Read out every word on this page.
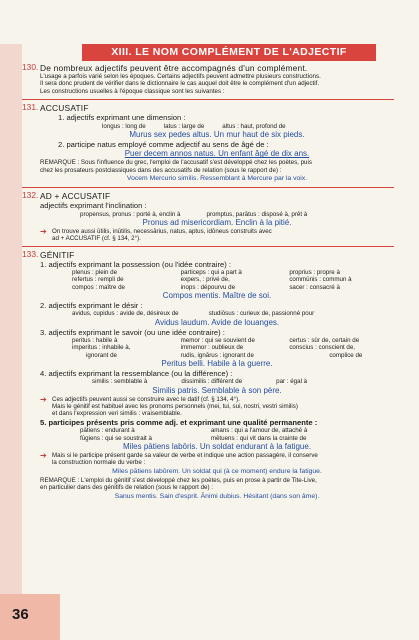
XIII. LE NOM COMPLÉMENT DE L'ADJECTIF
130. De nombreux adjectifs peuvent être accompagnés d'un complément.
L'usage a parfois varié selon les époques. Certains adjectifs peuvent admettre plusieurs constructions.
Il sera donc prudent de vérifier dans le dictionnaire le cas auquel doit être le complément d'un adjectif.
Les constructions usuelles à l'époque classique sont les suivantes :
131. ACCUSATIF
1. adjectifs exprimant une dimension :
longus : long de	latus : large de	altus : haut, profond de
Murus sex pedes altus. Un mur haut de six pieds.
2. participe natus employé comme adjectif au sens de âgé de :
Puer decem annos natus. Un enfant âgé de dix ans.
REMARQUE : Sous l'influence du grec, l'emploi de l'accusatif s'est développé chez les poètes, puis
chez les prosateurs postclassiques dans des accusatifs de relation (sous le rapport de) :
Vocem Mercurio similis. Ressemblant à Mercure par la voix.
132. AD + ACCUSATIF
adjectifs exprimant l'inclination :
propensus, pronus : porté à, enclin à	promptus, parātus : disposé à, prêt à
Pronus ad misericordiam. Enclin à la pitié.
➔ On trouve aussi ūtilis, inūtilis, necessārius, natus, aptus, idōneus construits avec
ad + ACCUSATIF (cf. § 134, 2°).
133. GÉNITIF
1. adjectifs exprimant la possession (ou l'idée contraire) :
plenus : plein de	particeps : qui a part à	proprius : propre à
refertus : rempli de	expers, : privé de,	commūnis : commun à
compos : maître de	inops : dépourvu de	sacer : consacré à
Compos mentis. Maître de soi.
2. adjectifs exprimant le désir :
avidus, cupidus : avide de, désireux de	studiōsus : curieux de, passionné pour
Avidus laudum. Avide de louanges.
3. adjectifs exprimant le savoir (ou une idée contraire) :
peritus : habile à	memor : qui se souvient de	certus : sûr de, certain de
imperitus : inhabile à,	immemor : oublieux de	conscius : conscient de,
ignorant de	rudis, ignārus : ignorant de	complice de
Peritus belli. Habile à la guerre.
4. adjectifs exprimant la ressemblance (ou la différence) :
similis : semblable à	dissimilis : différent de	par : égal à
Similis patris. Semblable à son père.
➔ Ces adjectifs peuvent aussi se construire avec le datif (cf. § 134, 4°).
Mais le génitif est habituel avec les pronoms personnels (mei, tui, sui, nostri, vestri similis)
et dans l'expression veri similis : vraisemblable.
5. participes présents pris comme adj. et exprimant une qualité permanente :
pātiens : endurant à	amans : qui a l'amour de, attaché à
fūgiens : qui se soustrait à	mētuens : qui vit dans la crainte de
Miles pātiens labōris. Un soldat endurant à la fatigue.
➔ Mais si le participe présent garde sa valeur de verbe et indique une action passagère, il conserve
la construction normale du verbe :
Miles pātiens labōrem. Un soldat qui (à ce moment) endure la fatigue.
REMARQUE : L'emploi du génitif s'est développé chez les poètes, puis en prose à partir de Tite-Live,
en particulier dans des génitifs de relation (sous le rapport de) :
Sanus mentis. Sain d'esprit. Ănimi dubius. Hésitant (dans son âme).
36
